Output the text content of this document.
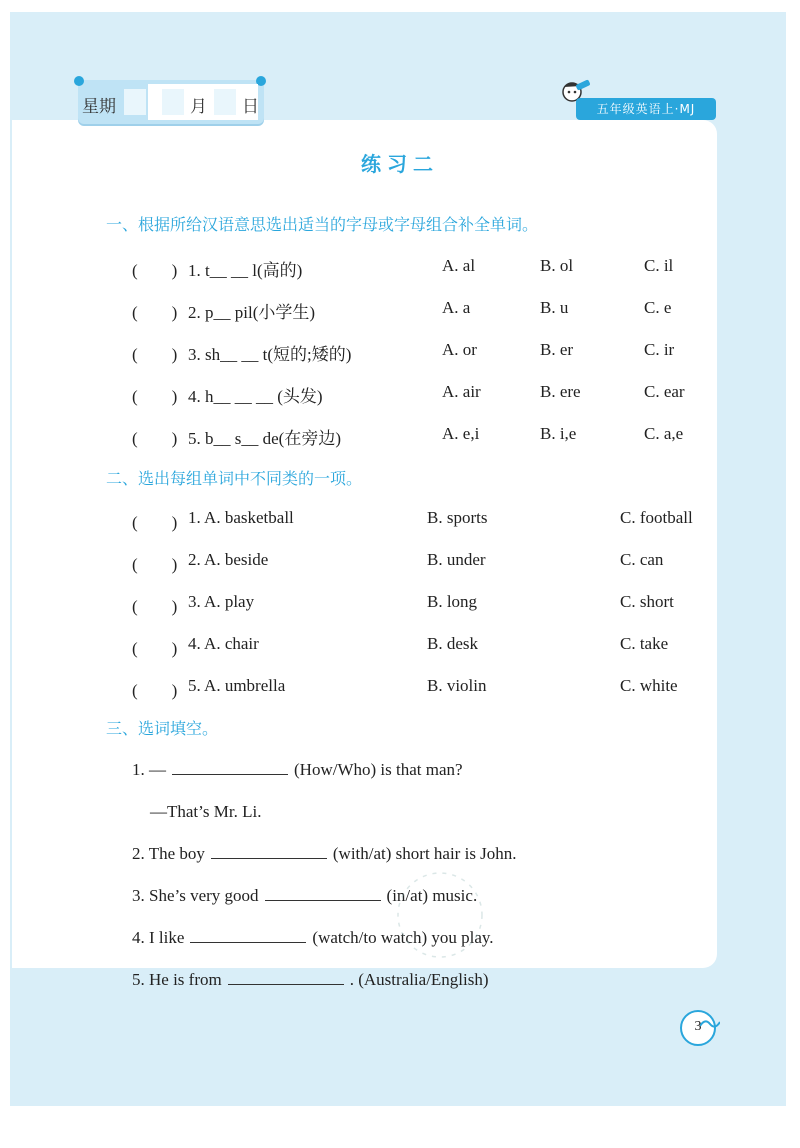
星期	月 日	五年级英语上·MJ
练习二
一、根据所给汉语意思选出适当的字母或字母组合补全单词。
(　　) 1. t__ __ l(高的)	A. al	B. ol	C. il
(　　) 2. p__ pil(小学生)	A. a	B. u	C. e
(　　) 3. sh__ __ t(短的;矮的)	A. or	B. er	C. ir
(　　) 4. h__ __ __ (头发)	A. air	B. ere	C. ear
(　　) 5. b__ s__ de(在旁边)	A. e,i	B. i,e	C. a,e
二、选出每组单词中不同类的一项。
(　　) 1. A. basketball	B. sports	C. football
(　　) 2. A. beside	B. under	C. can
(　　) 3. A. play	B. long	C. short
(　　) 4. A. chair	B. desk	C. take
(　　) 5. A. umbrella	B. violin	C. white
三、选词填空。
1. —	(How/Who) is that man?
—That’s Mr. Li.
2. The boy	(with/at) short hair is John.
3. She’s very good	(in/at) music.
4. I like	(watch/to watch) you play.
5. He is from	. (Australia/English)
3
